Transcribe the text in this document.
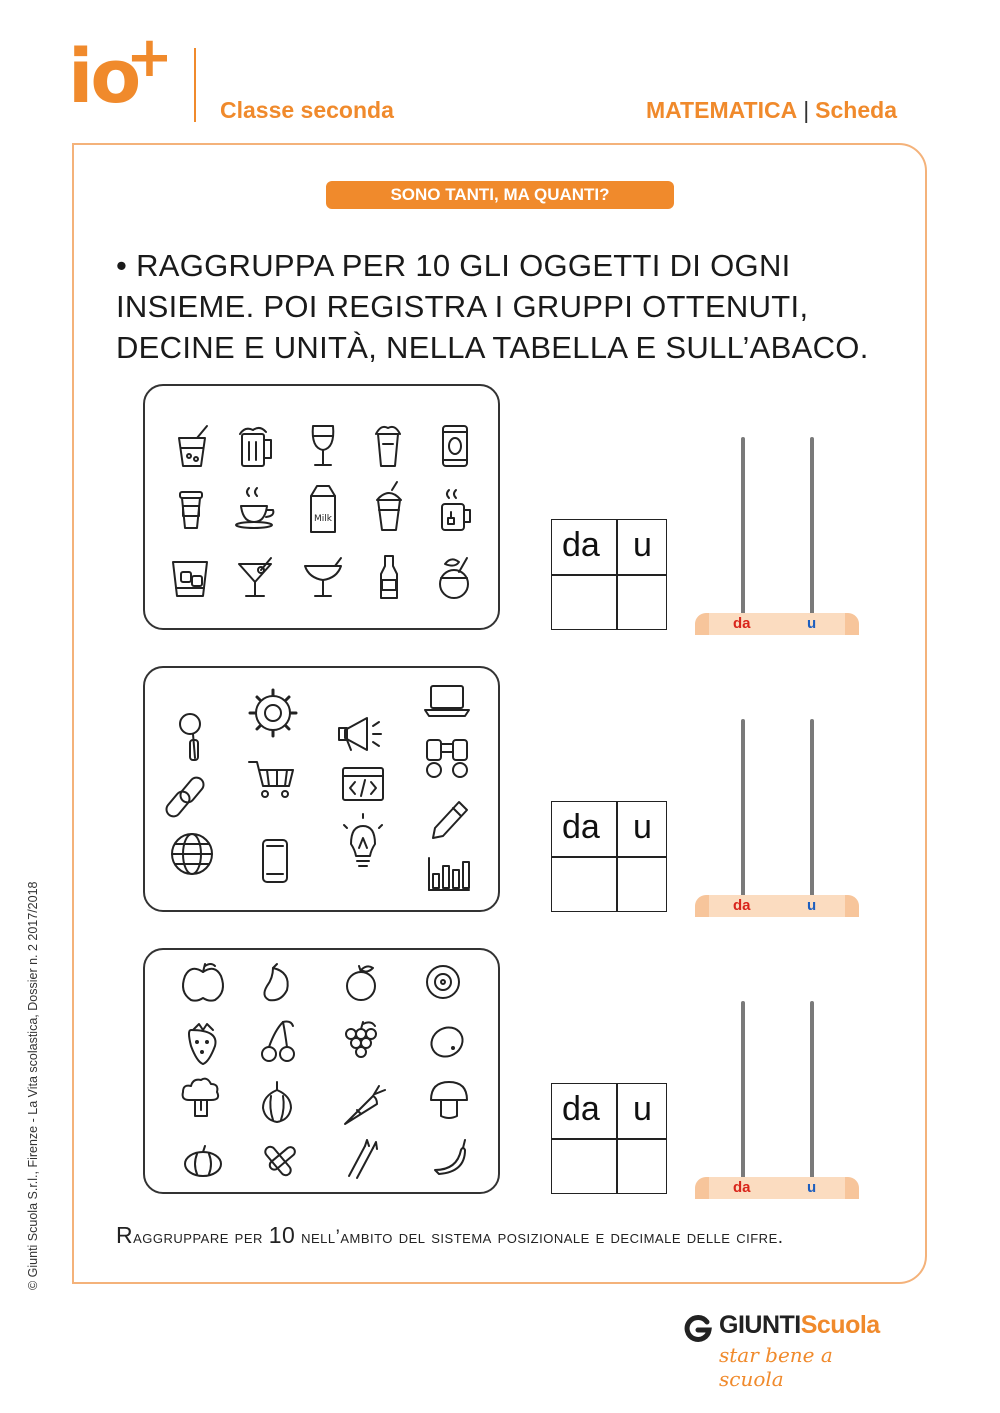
io
+
Classe seconda	MATEMATICA | Scheda
SONO TANTI, MA QUANTI?
• RAGGRUPPA PER 10 GLI OGGETTI DI OGNI INSIEME. POI REGISTRA I GRUPPI OTTENUTI, DECINE E UNITÀ, NELLA TABELLA E SULL’ABACO.
Milk
da u
da	u
da u
da	u
da u
da	u
Raggruppare per 10 nell’ambito del sistema posizionale e decimale delle cifre.
© Giunti Scuola S.r.l., Firenze - La Vita scolastica, Dossier n. 2 2017/2018
GIUNTIScuola
star bene a scuola
